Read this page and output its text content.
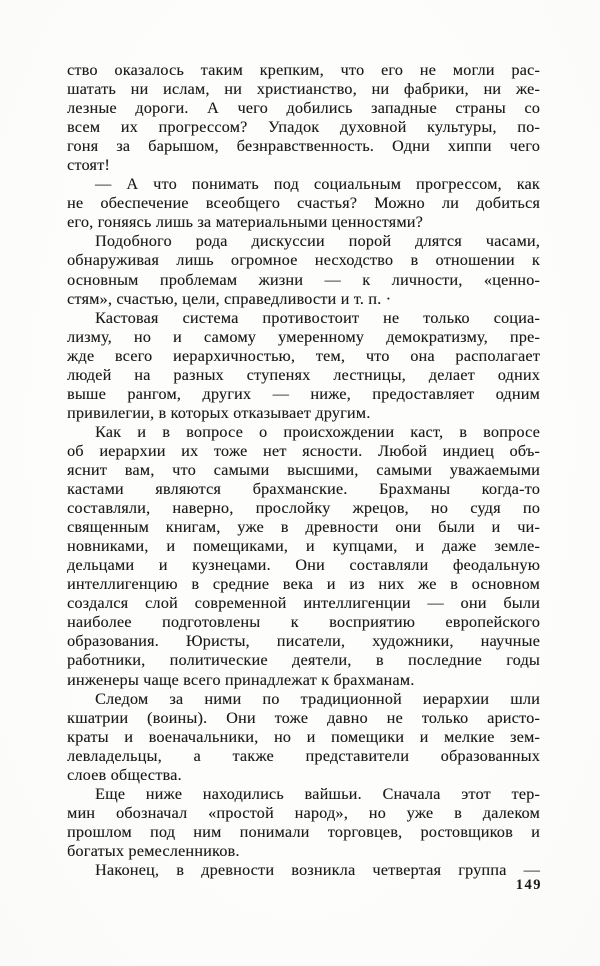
ство оказалось таким крепким, что его не могли рас-
шатать ни ислам, ни христианство, ни фабрики, ни же-
лезные дороги. А чего добились западные страны со
всем их прогрессом? Упадок духовной культуры, по-
гоня за барышом, безнравственность. Одни хиппи чего
стоят!
— А что понимать под социальным прогрессом, как
не обеспечение всеобщего счастья? Можно ли добиться
его, гоняясь лишь за материальными ценностями?
Подобного рода дискуссии порой длятся часами,
обнаруживая лишь огромное несходство в отношении к
основным проблемам жизни — к личности, «ценно-
стям», счастью, цели, справедливости и т. п. ·
Кастовая система противостоит не только социа-
лизму, но и самому умеренному демократизму, пре-
жде всего иерархичностью, тем, что она располагает
людей на разных ступенях лестницы, делает одних
выше рангом, других — ниже, предоставляет одним
привилегии, в которых отказывает другим.
Как и в вопросе о происхождении каст, в вопросе
об иерархии их тоже нет ясности. Любой индиец объ-
яснит вам, что самыми высшими, самыми уважаемыми
кастами являются брахманские. Брахманы когда-то
составляли, наверно, прослойку жрецов, но судя по
священным книгам, уже в древности они были и чи-
новниками, и помещиками, и купцами, и даже земле-
дельцами и кузнецами. Они составляли феодальную
интеллигенцию в средние века и из них же в основном
создался слой современной интеллигенции — они были
наиболее подготовлены к восприятию европейского
образования. Юристы, писатели, художники, научные
работники, политические деятели, в последние годы
инженеры чаще всего принадлежат к брахманам.
Следом за ними по традиционной иерархии шли
кшатрии (воины). Они тоже давно не только аристо-
краты и военачальники, но и помещики и мелкие зем-
левладельцы, а также представители образованных
слоев общества.
Еще ниже находились вайшьи. Сначала этот тер-
мин обозначал «простой народ», но уже в далеком
прошлом под ним понимали торговцев, ростовщиков и
богатых ремесленников.
Наконец, в древности возникла четвертая группа —
149
